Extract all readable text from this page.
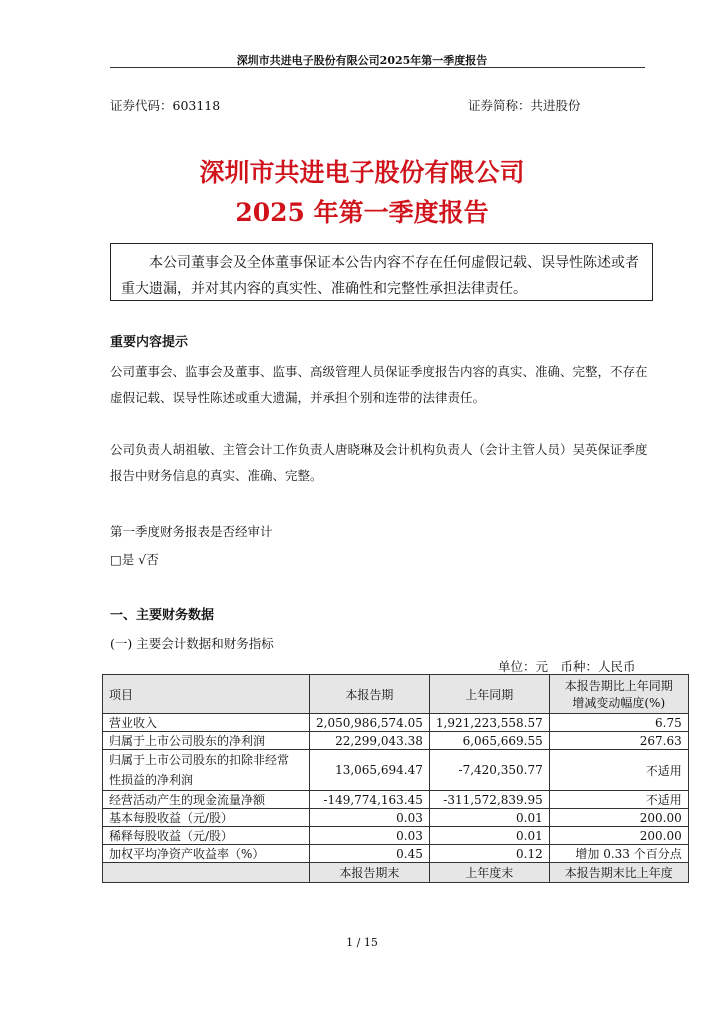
深圳市共进电子股份有限公司2025年第一季度报告
证券代码：603118	证券简称：共进股份
深圳市共进电子股份有限公司
2025 年第一季度报告
本公司董事会及全体董事保证本公告内容不存在任何虚假记载、误导性陈述或者重大遗漏，并对其内容的真实性、准确性和完整性承担法律责任。
重要内容提示
公司董事会、监事会及董事、监事、高级管理人员保证季度报告内容的真实、准确、完整，不存在虚假记载、误导性陈述或重大遗漏，并承担个别和连带的法律责任。
公司负责人胡祖敏、主管会计工作负责人唐晓琳及会计机构负责人（会计主管人员）吴英保证季度报告中财务信息的真实、准确、完整。
第一季度财务报表是否经审计
□是 √否
一、主要财务数据
(一) 主要会计数据和财务指标
单位：元　币种：人民币
项目	本报告期	上年同期	本报告期比上年同期
增减变动幅度(%)

营业收入	2,050,986,574.05	1,921,223,558.57	6.75
归属于上市公司股东的净利润	22,299,043.38	6,065,669.55	267.63

归属于上市公司股东的扣除非经常
性损益的净利润	13,065,694.47	-7,420,350.77	不适用
经营活动产生的现金流量净额	-149,774,163.45	-311,572,839.95	不适用
基本每股收益（元/股）	0.03	0.01	200.00
稀释每股收益（元/股）	0.03	0.01	200.00
加权平均净资产收益率（%）	0.45	0.12	增加 0.33 个百分点
	本报告期末	上年度末	本报告期末比上年度
1 / 15
